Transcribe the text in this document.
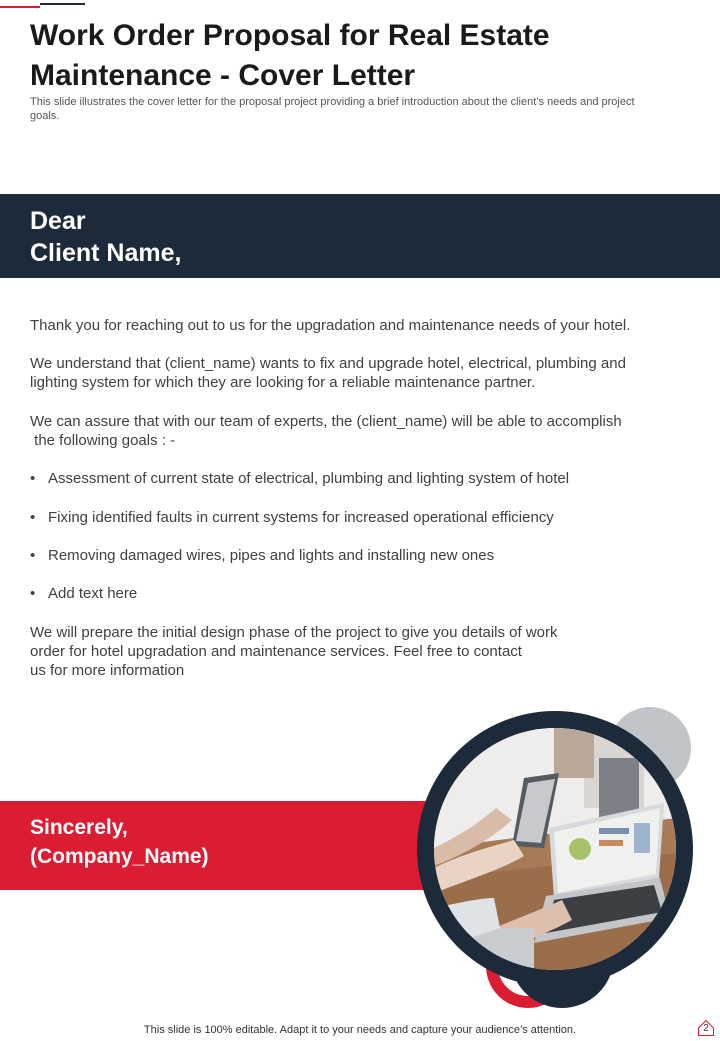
Work Order Proposal for Real Estate
Maintenance - Cover Letter

This slide illustrates the cover letter for the proposal project providing a brief introduction about the client’s needs and project goals.

Dear
Client Name,

Thank you for reaching out to us for the upgradation and maintenance needs of your hotel.

We understand that (client_name) wants to fix and upgrade hotel, electrical, plumbing and
lighting system for which they are looking for a reliable maintenance partner.

We can assure that with our team of experts, the (client_name) will be able to accomplish
the following goals : -

• Assessment of current state of electrical, plumbing and lighting system of hotel
• Fixing identified faults in current systems for increased operational efficiency
• Removing damaged wires, pipes and lights and installing new ones
• Add text here

We will prepare the initial design phase of the project to give you details of work
order for hotel upgradation and maintenance services. Feel free to contact
us for more information

Sincerely,
(Company_Name)
This slide is 100% editable. Adapt it to your needs and capture your audience’s attention.	2
